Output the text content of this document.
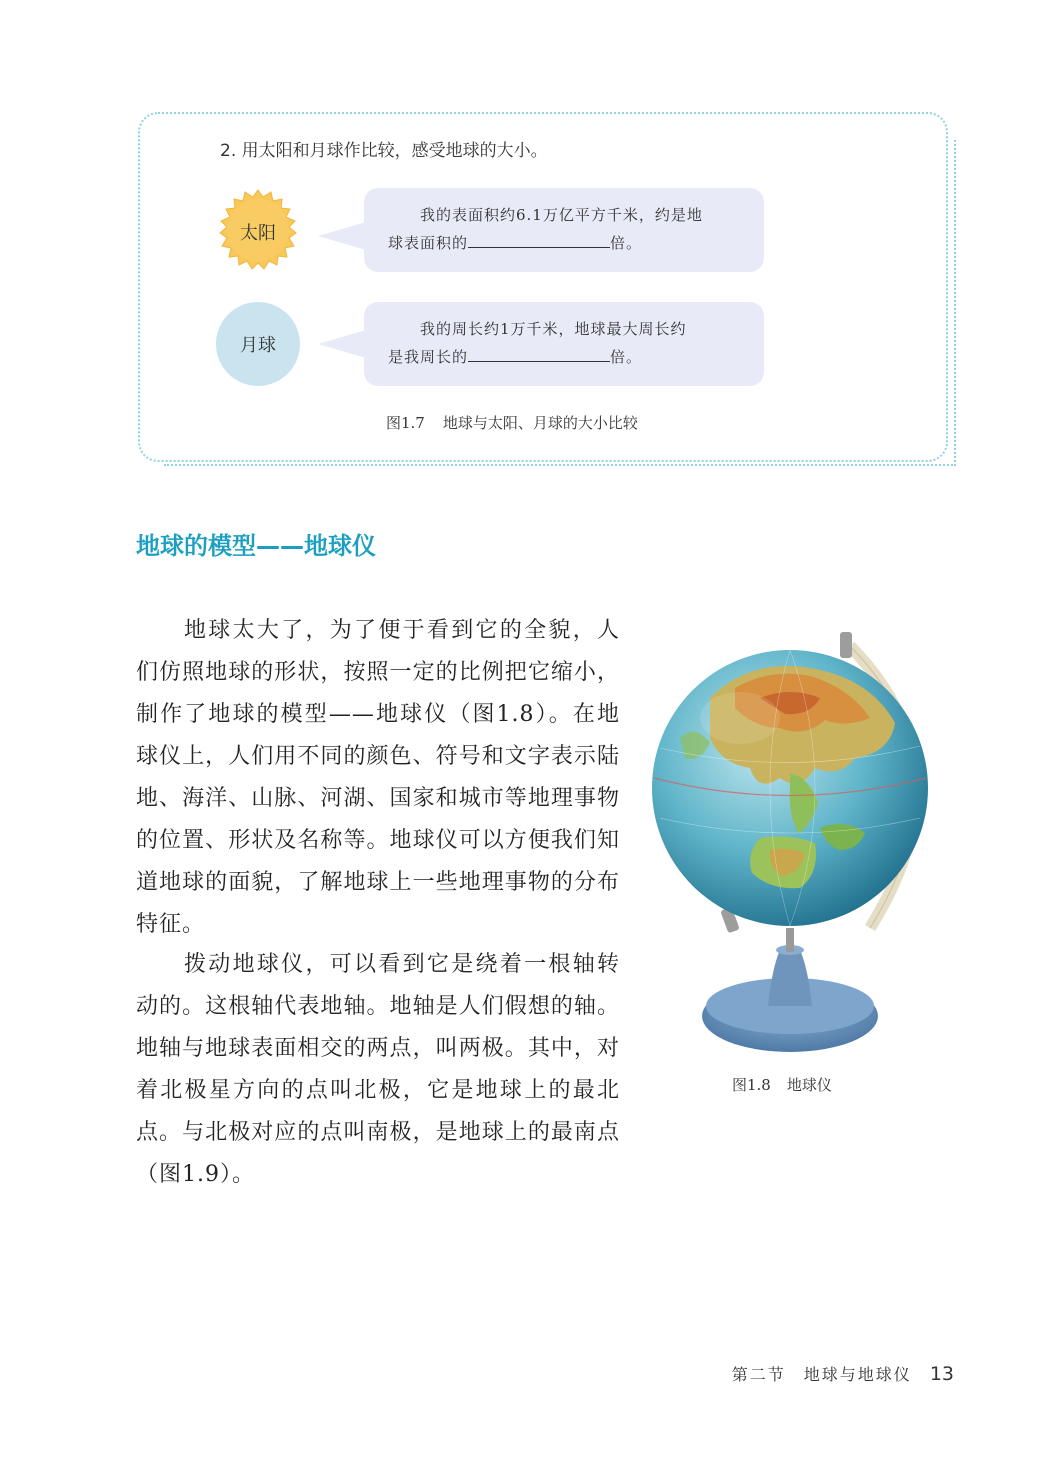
2. 用太阳和月球作比较，感受地球的大小。
太阳
我的表面积约6.1万亿平方千米，约是地
球表面积的	倍。
月球
我的周长约1万千米，地球最大周长约
是我周长的	倍。
图1.7 地球与太阳、月球的大小比较
地球的模型——地球仪

地球太大了，为了便于看到它的全貌，人们仿照地球的形状，按照一定的比例把它缩小，制作了地球的模型——地球仪（图1.8）。在地球仪上，人们用不同的颜色、符号和文字表示陆地、海洋、山脉、河湖、国家和城市等地理事物的位置、形状及名称等。地球仪可以方便我们知道地球的面貌，了解地球上一些地理事物的分布特征。

拨动地球仪，可以看到它是绕着一根轴转动的。这根轴代表地轴。地轴是人们假想的轴。地轴与地球表面相交的两点，叫两极。其中，对着北极星方向的点叫北极，它是地球上的最北点。与北极对应的点叫南极，是地球上的最南点（图1.9）。

图1.8 地球仪
第二节 地球与地球仪 13
